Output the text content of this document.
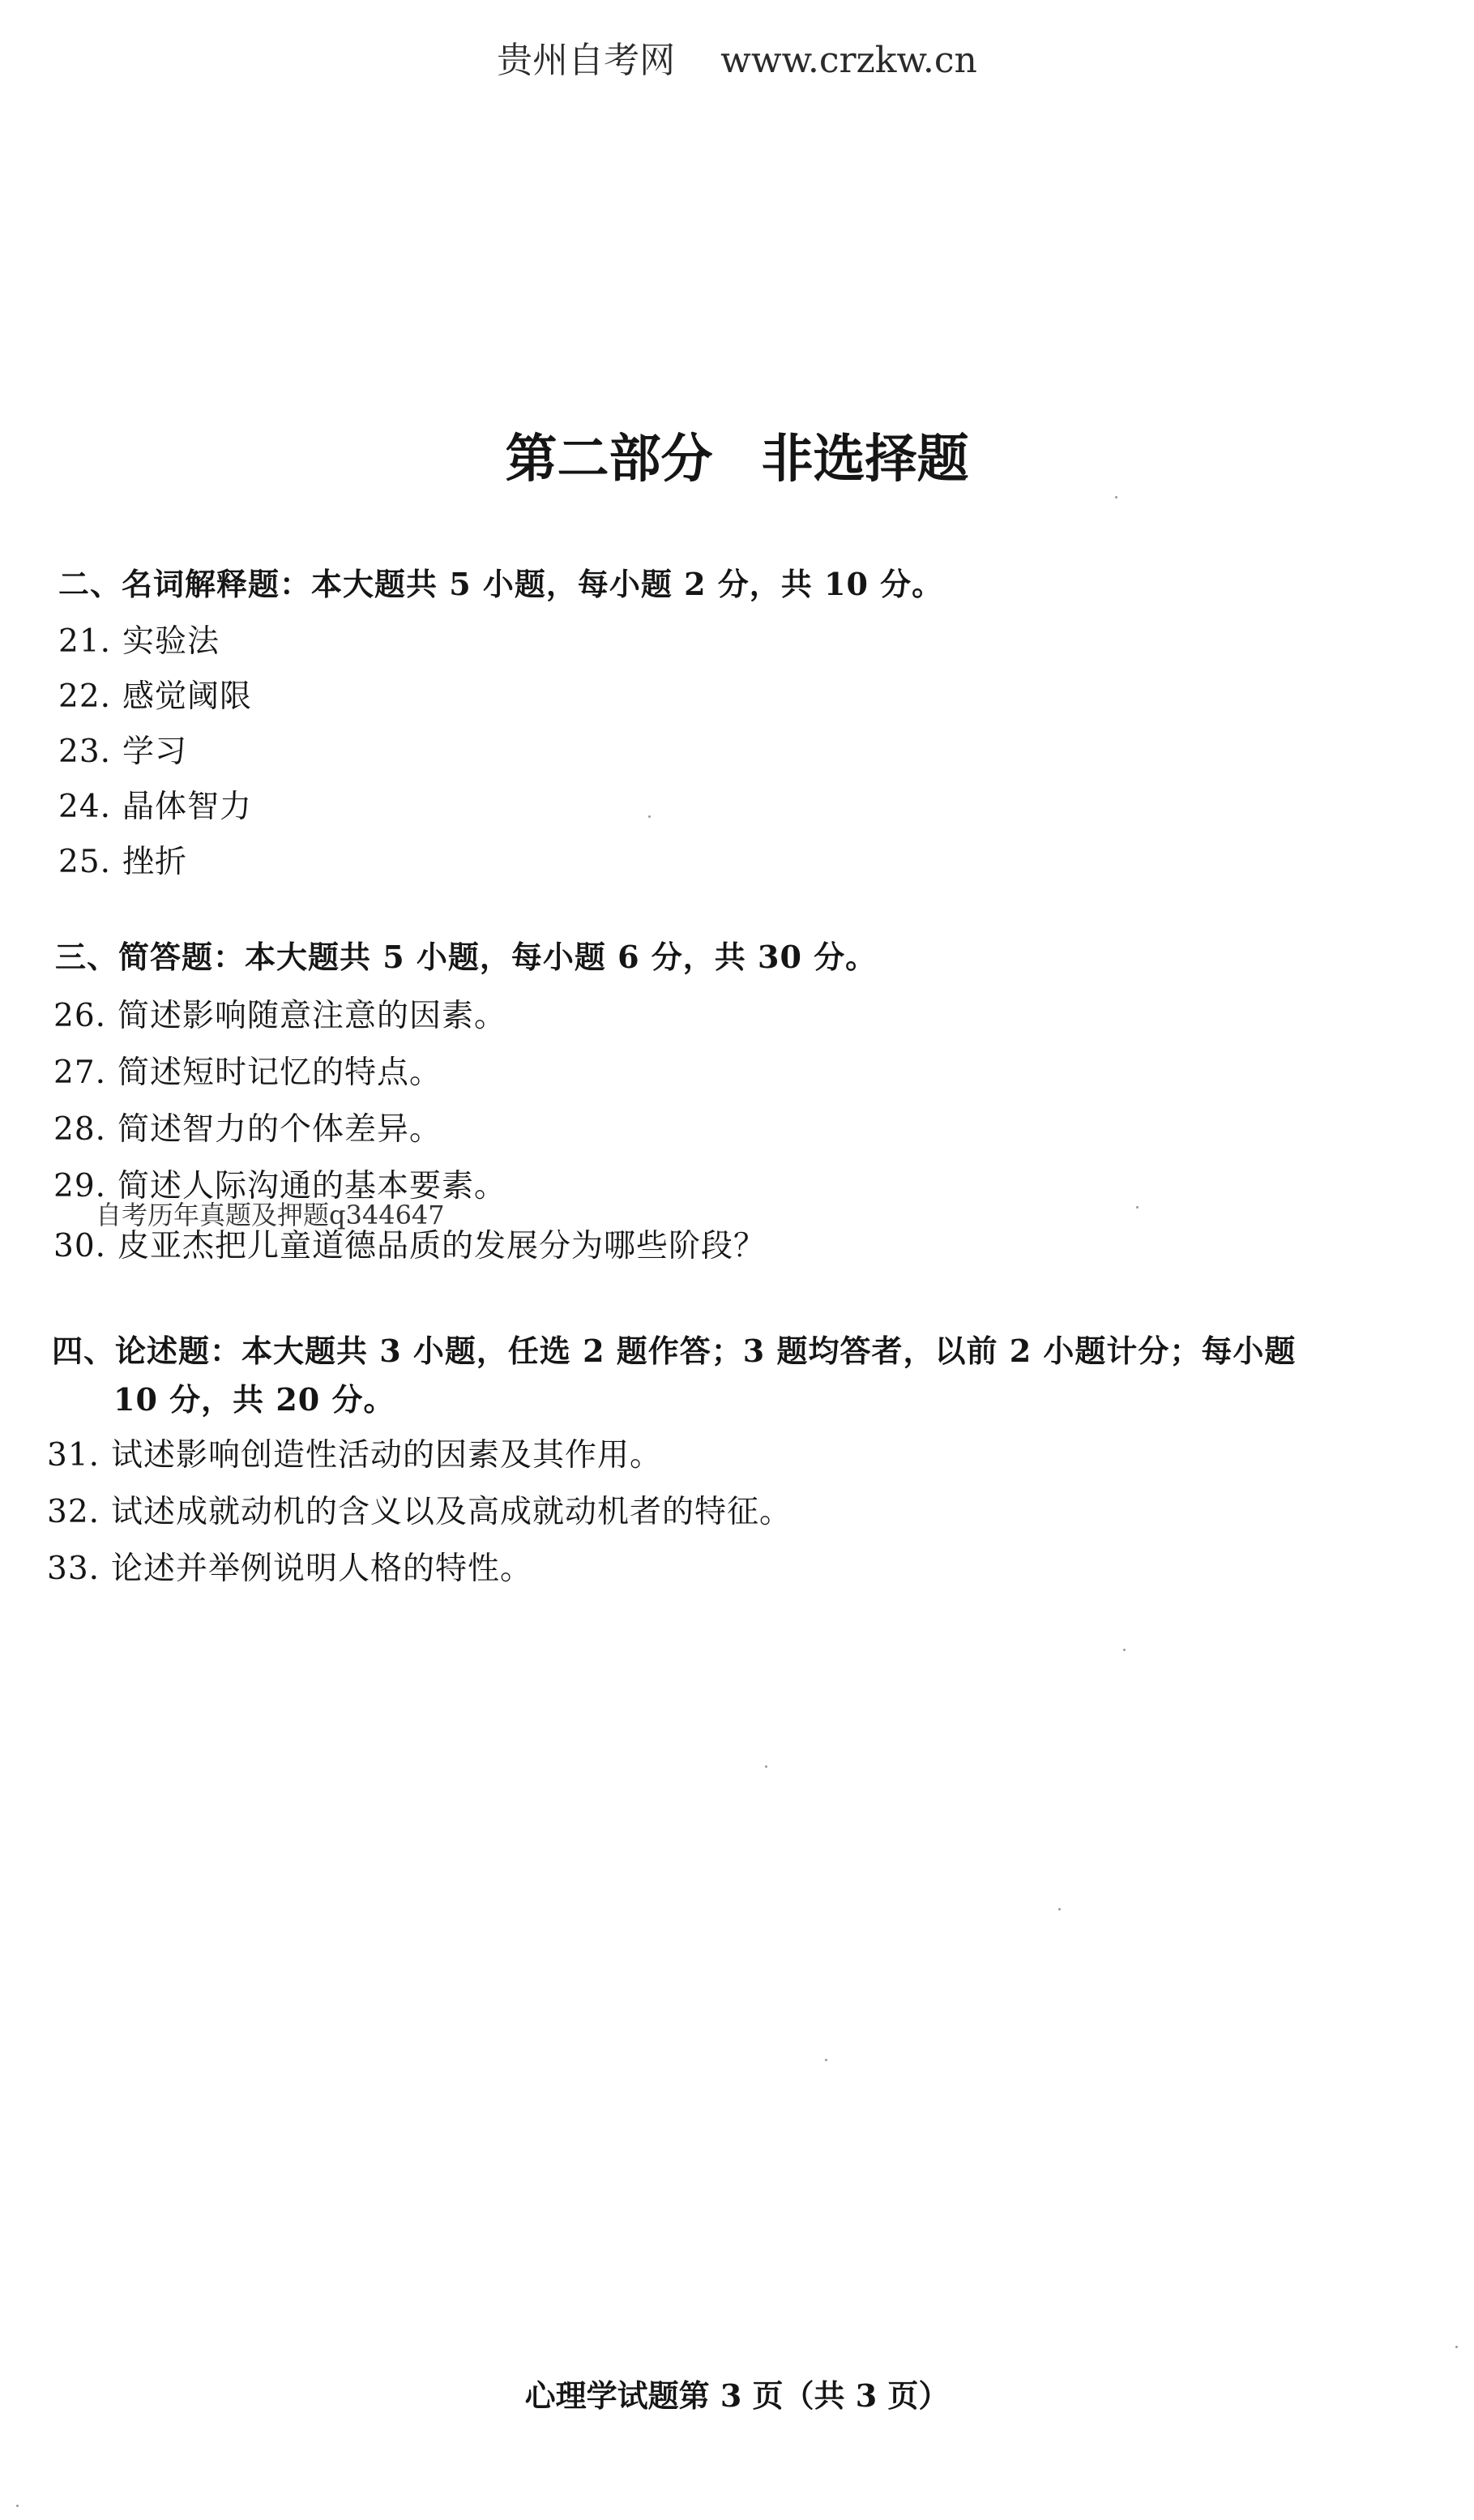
贵州自考网 www.crzkw.cn
第二部分 非选择题
二、名词解释题：本大题共 5 小题，每小题 2 分，共 10 分。
21. 实验法
22. 感觉阈限
23. 学习
24. 晶体智力
25. 挫折
三、简答题：本大题共 5 小题，每小题 6 分，共 30 分。
26. 简述影响随意注意的因素。
27. 简述短时记忆的特点。
28. 简述智力的个体差异。
29. 简述人际沟通的基本要素。
自考历年真题及押题q344647
30. 皮亚杰把儿童道德品质的发展分为哪些阶段？
四、论述题：本大题共 3 小题，任选 2 题作答；3 题均答者，以前 2 小题计分；每小题
10 分，共 20 分。
31. 试述影响创造性活动的因素及其作用。
32. 试述成就动机的含义以及高成就动机者的特征。
33. 论述并举例说明人格的特性。
心理学试题第 3 页（共 3 页）
